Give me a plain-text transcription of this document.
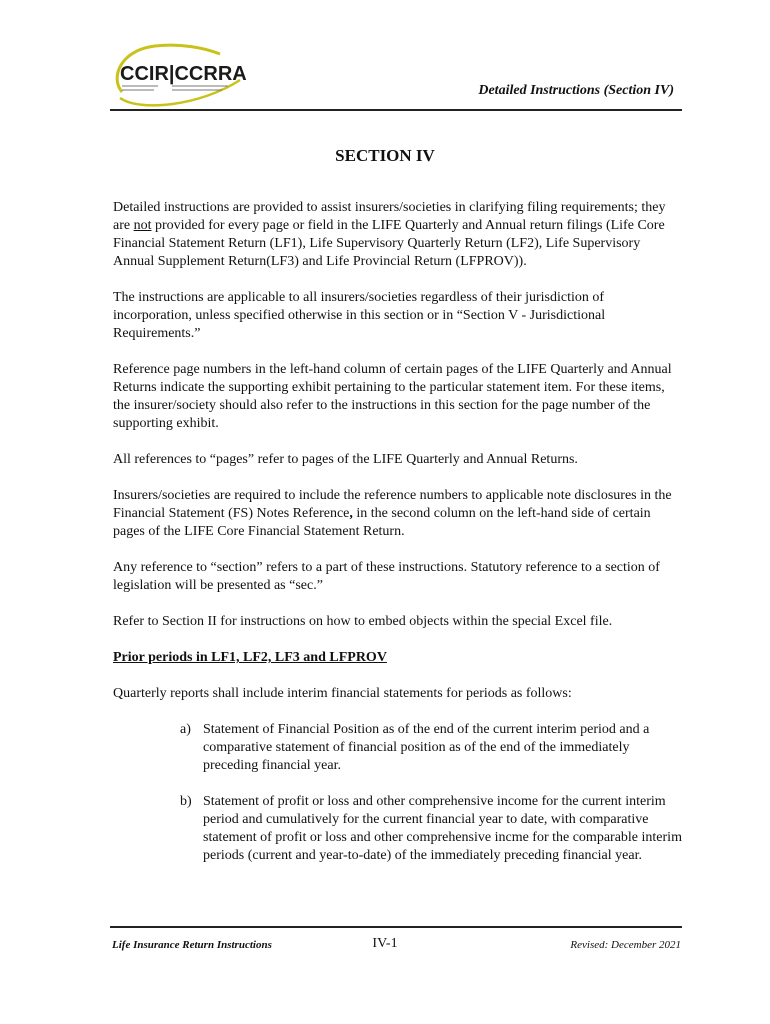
CCIR|CCRRA
Detailed Instructions (Section IV)
SECTION IV

Detailed instructions are provided to assist insurers/societies in clarifying filing requirements; they are not provided for every page or field in the LIFE Quarterly and Annual return filings (Life Core Financial Statement Return (LF1), Life Supervisory Quarterly Return (LF2), Life Supervisory Annual Supplement Return(LF3) and Life Provincial Return (LFPROV)).

The instructions are applicable to all insurers/societies regardless of their jurisdiction of incorporation, unless specified otherwise in this section or in “Section V - Jurisdictional Requirements.”

Reference page numbers in the left-hand column of certain pages of the LIFE Quarterly and Annual Returns indicate the supporting exhibit pertaining to the particular statement item. For these items, the insurer/society should also refer to the instructions in this section for the page number of the supporting exhibit.

All references to “pages” refer to pages of the LIFE Quarterly and Annual Returns.

Insurers/societies are required to include the reference numbers to applicable note disclosures in the Financial Statement (FS) Notes Reference, in the second column on the left-hand side of certain pages of the LIFE Core Financial Statement Return.

Any reference to “section” refers to a part of these instructions. Statutory reference to a section of legislation will be presented as “sec.”

Refer to Section II for instructions on how to embed objects within the special Excel file.

Prior periods in LF1, LF2, LF3 and LFPROV

Quarterly reports shall include interim financial statements for periods as follows:

a) Statement of Financial Position as of the end of the current interim period and a comparative statement of financial position as of the end of the immediately preceding financial year.
b) Statement of profit or loss and other comprehensive income for the current interim period and cumulatively for the current financial year to date, with comparative statement of profit or loss and other comprehensive incme for the comparable interim periods (current and year-to-date) of the immediately preceding financial year.
Life Insurance Return Instructions	IV-1	Revised: December 2021
